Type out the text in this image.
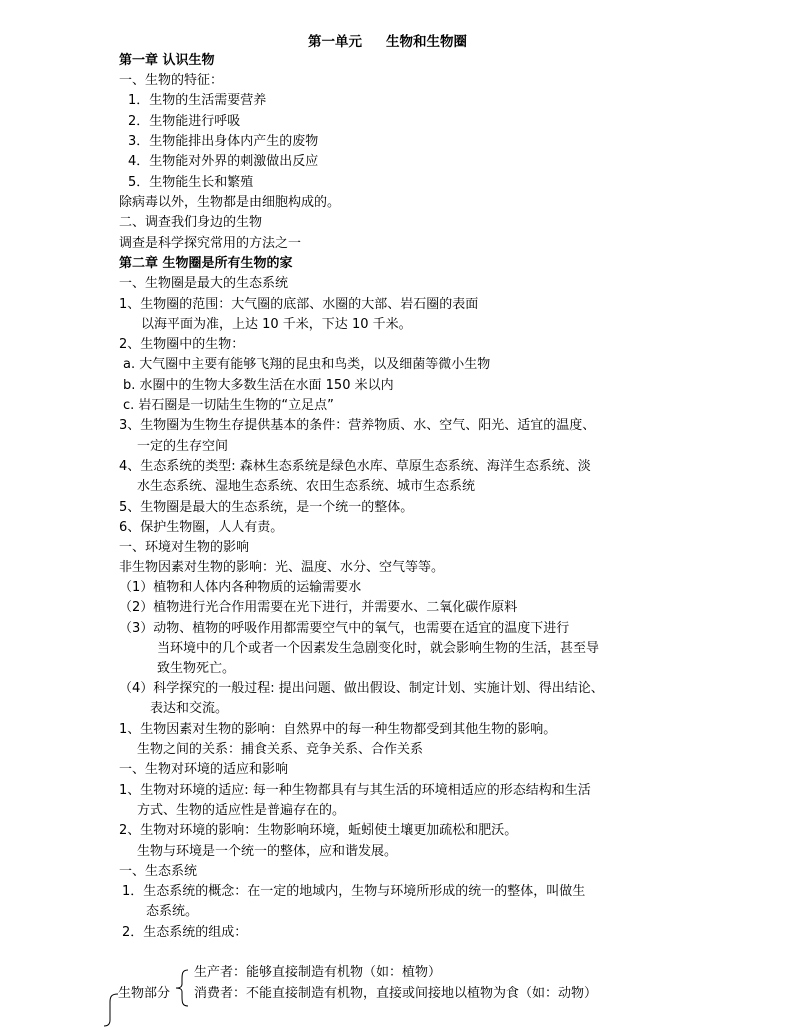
第一单元 生物和生物圈
第一章 认识生物
一、生物的特征：
1．生物的生活需要营养
2．生物能进行呼吸
3．生物能排出身体内产生的废物
4．生物能对外界的刺激做出反应
5．生物能生长和繁殖
除病毒以外，生物都是由细胞构成的。
二、调查我们身边的生物
调查是科学探究常用的方法之一
第二章 生物圈是所有生物的家
一、生物圈是最大的生态系统
1、生物圈的范围：大气圈的底部、水圈的大部、岩石圈的表面
以海平面为准，上达 10 千米，下达 10 千米。
2、生物圈中的生物：
a. 大气圈中主要有能够飞翔的昆虫和鸟类，以及细菌等微小生物
b. 水圈中的生物大多数生活在水面 150 米以内
c. 岩石圈是一切陆生生物的“立足点”
3、生物圈为生物生存提供基本的条件：营养物质、水、空气、阳光、适宜的温度、
一定的生存空间
4、生态系统的类型: 森林生态系统是绿色水库、草原生态系统、海洋生态系统、淡
水生态系统、湿地生态系统、农田生态系统、城市生态系统
5、生物圈是最大的生态系统，是一个统一的整体。
6、保护生物圈，人人有责。
一、环境对生物的影响
非生物因素对生物的影响：光、温度、水分、空气等等。
（1）植物和人体内各种物质的运输需要水
（2）植物进行光合作用需要在光下进行，并需要水、二氧化碳作原料
（3）动物、植物的呼吸作用都需要空气中的氧气，也需要在适宜的温度下进行
当环境中的几个或者一个因素发生急剧变化时，就会影响生物的生活，甚至导
致生物死亡。
（4）科学探究的一般过程: 提出问题、做出假设、制定计划、实施计划、得出结论、
表达和交流。
1、生物因素对生物的影响：自然界中的每一种生物都受到其他生物的影响。
生物之间的关系：捕食关系、竞争关系、合作关系
一、生物对环境的适应和影响
1、生物对环境的适应: 每一种生物都具有与其生活的环境相适应的形态结构和生活
方式、生物的适应性是普遍存在的。
2、生物对环境的影响：生物影响环境，蚯蚓使土壤更加疏松和肥沃。
生物与环境是一个统一的整体，应和谐发展。
一、生态系统
1．生态系统的概念：在一定的地域内，生物与环境所形成的统一的整体，叫做生
态系统。
2．生态系统的组成：
生产者：能够直接制造有机物（如：植物）
生物部分 消费者：不能直接制造有机物，直接或间接地以植物为食（如：动物）
